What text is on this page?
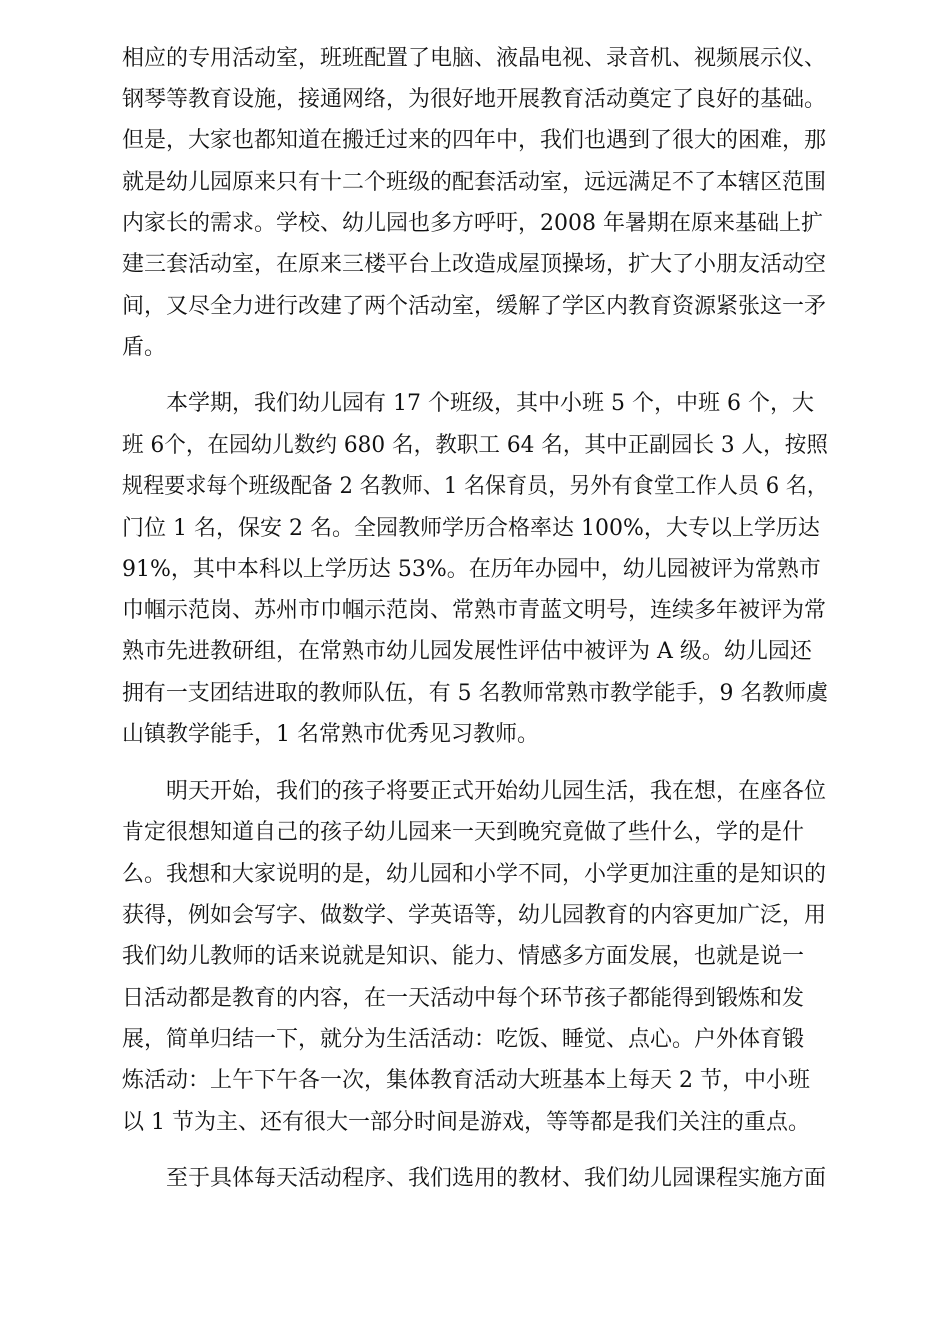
相应的专用活动室，班班配置了电脑、液晶电视、录音机、视频展示仪、
钢琴等教育设施，接通网络，为很好地开展教育活动奠定了良好的基础。
但是，大家也都知道在搬迁过来的四年中，我们也遇到了很大的困难，那
就是幼儿园原来只有十二个班级的配套活动室，远远满足不了本辖区范围
内家长的需求。学校、幼儿园也多方呼吁，2008 年暑期在原来基础上扩
建三套活动室，在原来三楼平台上改造成屋顶操场，扩大了小朋友活动空
间，又尽全力进行改建了两个活动室，缓解了学区内教育资源紧张这一矛
盾。
本学期，我们幼儿园有 17 个班级，其中小班 5 个，中班 6 个，大
班 6个，在园幼儿数约 680 名，教职工 64 名，其中正副园长 3 人，按照
规程要求每个班级配备 2 名教师、1 名保育员，另外有食堂工作人员 6 名，
门位 1 名，保安 2 名。全园教师学历合格率达 100%，大专以上学历达
91%，其中本科以上学历达 53%。在历年办园中，幼儿园被评为常熟市
巾帼示范岗、苏州市巾帼示范岗、常熟市青蓝文明号，连续多年被评为常
熟市先进教研组，在常熟市幼儿园发展性评估中被评为 A 级。幼儿园还
拥有一支团结进取的教师队伍，有 5 名教师常熟市教学能手，9 名教师虞
山镇教学能手，1 名常熟市优秀见习教师。
明天开始，我们的孩子将要正式开始幼儿园生活，我在想，在座各位
肯定很想知道自己的孩子幼儿园来一天到晚究竟做了些什么，学的是什
么。我想和大家说明的是，幼儿园和小学不同，小学更加注重的是知识的
获得，例如会写字、做数学、学英语等，幼儿园教育的内容更加广泛，用
我们幼儿教师的话来说就是知识、能力、情感多方面发展，也就是说一
日活动都是教育的内容，在一天活动中每个环节孩子都能得到锻炼和发
展，简单归结一下，就分为生活活动：吃饭、睡觉、点心。户外体育锻
炼活动：上午下午各一次，集体教育活动大班基本上每天 2 节，中小班
以 1 节为主、还有很大一部分时间是游戏，等等都是我们关注的重点。
至于具体每天活动程序、我们选用的教材、我们幼儿园课程实施方面
